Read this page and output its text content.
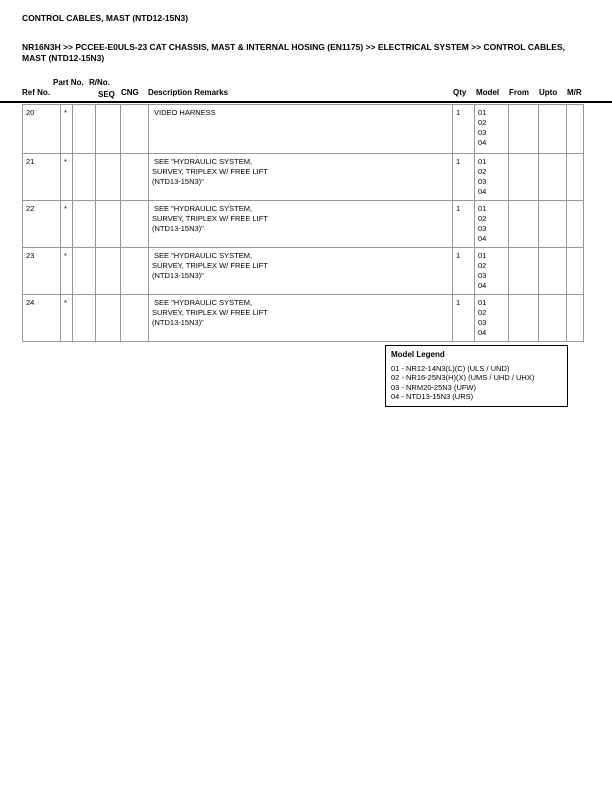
CONTROL CABLES, MAST (NTD12-15N3)
NR16N3H >> PCCEE-E0ULS-23 CAT CHASSIS, MAST & INTERNAL HOSING (EN1175) >> ELECTRICAL SYSTEM >> CONTROL CABLES, MAST (NTD12-15N3)
Ref No.
Part No. R/No.
SEQ CNG Description Remarks	Qty Model From Upto M/R
20	*				VIDEO HARNESS	1	01
02
03
04			
21	*				SEE "HYDRAULIC SYSTEM,
SURVEY, TRIPLEX W/ FREE LIFT
(NTD13-15N3)"	1	01
02
03
04			
22	*				SEE "HYDRAULIC SYSTEM,
SURVEY, TRIPLEX W/ FREE LIFT
(NTD13-15N3)"	1	01
02
03
04			
23	*				SEE "HYDRAULIC SYSTEM,
SURVEY, TRIPLEX W/ FREE LIFT
(NTD13-15N3)"	1	01
02
03
04			
24	*				SEE "HYDRAULIC SYSTEM,
SURVEY, TRIPLEX W/ FREE LIFT
(NTD13-15N3)"	1	01
02
03
04			
Model Legend
01 - NR12-14N3(L)(C) (ULS / UND)
02 - NR16-25N3(H)(X) (UMS / UHD / UHX)
03 - NRM20-25N3 (UFW)
04 - NTD13-15N3 (URS)
